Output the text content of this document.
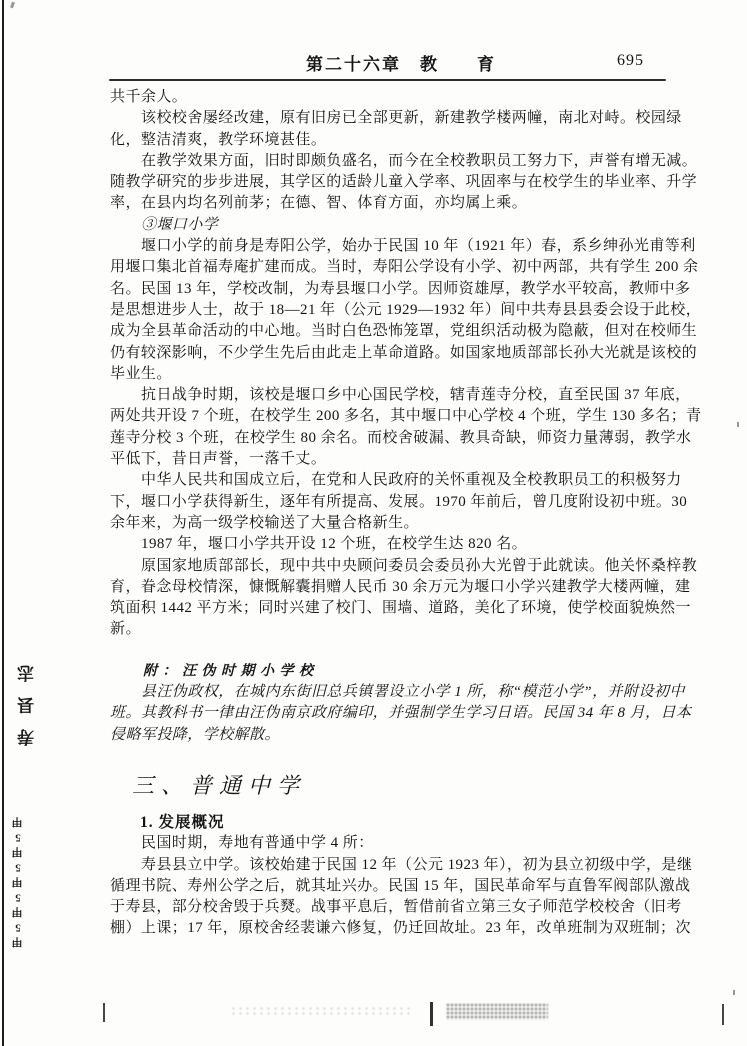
第二十六章　教　　育	695
共千余人。
该校校舍屡经改建，原有旧房已全部更新，新建教学楼两幢，南北对峙。校园绿
化，整洁清爽，教学环境甚佳。
在教学效果方面，旧时即颇负盛名，而今在全校教职员工努力下，声誉有增无减。
随教学研究的步步进展，其学区的适龄儿童入学率、巩固率与在校学生的毕业率、升学
率，在县内均名列前茅；在德、智、体育方面，亦均属上乘。
③堰口小学
堰口小学的前身是寿阳公学，始办于民国 10 年（1921 年）春，系乡绅孙光甫等利
用堰口集北首福寿庵扩建而成。当时，寿阳公学设有小学、初中两部，共有学生 200 余
名。民国 13 年，学校改制，为寿县堰口小学。因师资雄厚，教学水平较高，教师中多
是思想进步人士，故于 18—21 年（公元 1929—1932 年）间中共寿县县委会设于此校，
成为全县革命活动的中心地。当时白色恐怖笼罩，党组织活动极为隐蔽，但对在校师生
仍有较深影响，不少学生先后由此走上革命道路。如国家地质部部长孙大光就是该校的
毕业生。
抗日战争时期，该校是堰口乡中心国民学校，辖青莲寺分校，直至民国 37 年底，
两处共开设 7 个班，在校学生 200 多名，其中堰口中心学校 4 个班，学生 130 多名；青
莲寺分校 3 个班，在校学生 80 余名。而校舍破漏、教具奇缺，师资力量薄弱，教学水
平低下，昔日声誉，一落千丈。
中华人民共和国成立后，在党和人民政府的关怀重视及全校教职员工的积极努力
下，堰口小学获得新生，逐年有所提高、发展。1970 年前后，曾几度附设初中班。30
余年来，为高一级学校输送了大量合格新生。
1987 年，堰口小学共开设 12 个班，在校学生达 820 名。
原国家地质部部长，现中共中央顾问委员会委员孙大光曾于此就读。他关怀桑梓教
育，眷念母校情深，慷慨解囊捐赠人民币 30 余万元为堰口小学兴建教学大楼两幢，建
筑面积 1442 平方米；同时兴建了校门、围墙、道路，美化了环境，使学校面貌焕然一
新。
附：汪伪时期小学校
县汪伪政权，在城内东街旧总兵镇署设立小学 1 所，称“模范小学”，并附设初中
班。其教科书一律由汪伪南京政府编印，并强制学生学习日语。民国 34 年 8 月，日本
侵略军投降，学校解散。
三、普通中学
1. 发展概况
民国时期，寿地有普通中学 4 所：
寿县县立中学。该校始建于民国 12 年（公元 1923 年），初为县立初级中学，是继
循理书院、寿州公学之后，就其址兴办。民国 15 年，国民革命军与直鲁军阀部队激战
于寿县，部分校舍毁于兵燹。战事平息后，暂借前省立第三女子师范学校校舍（旧考
棚）上课；17 年，原校舍经裴谦六修复，仍迁回故址。23 年，改单班制为双班制；次
寿县志
甲5甲5甲5甲5甲
